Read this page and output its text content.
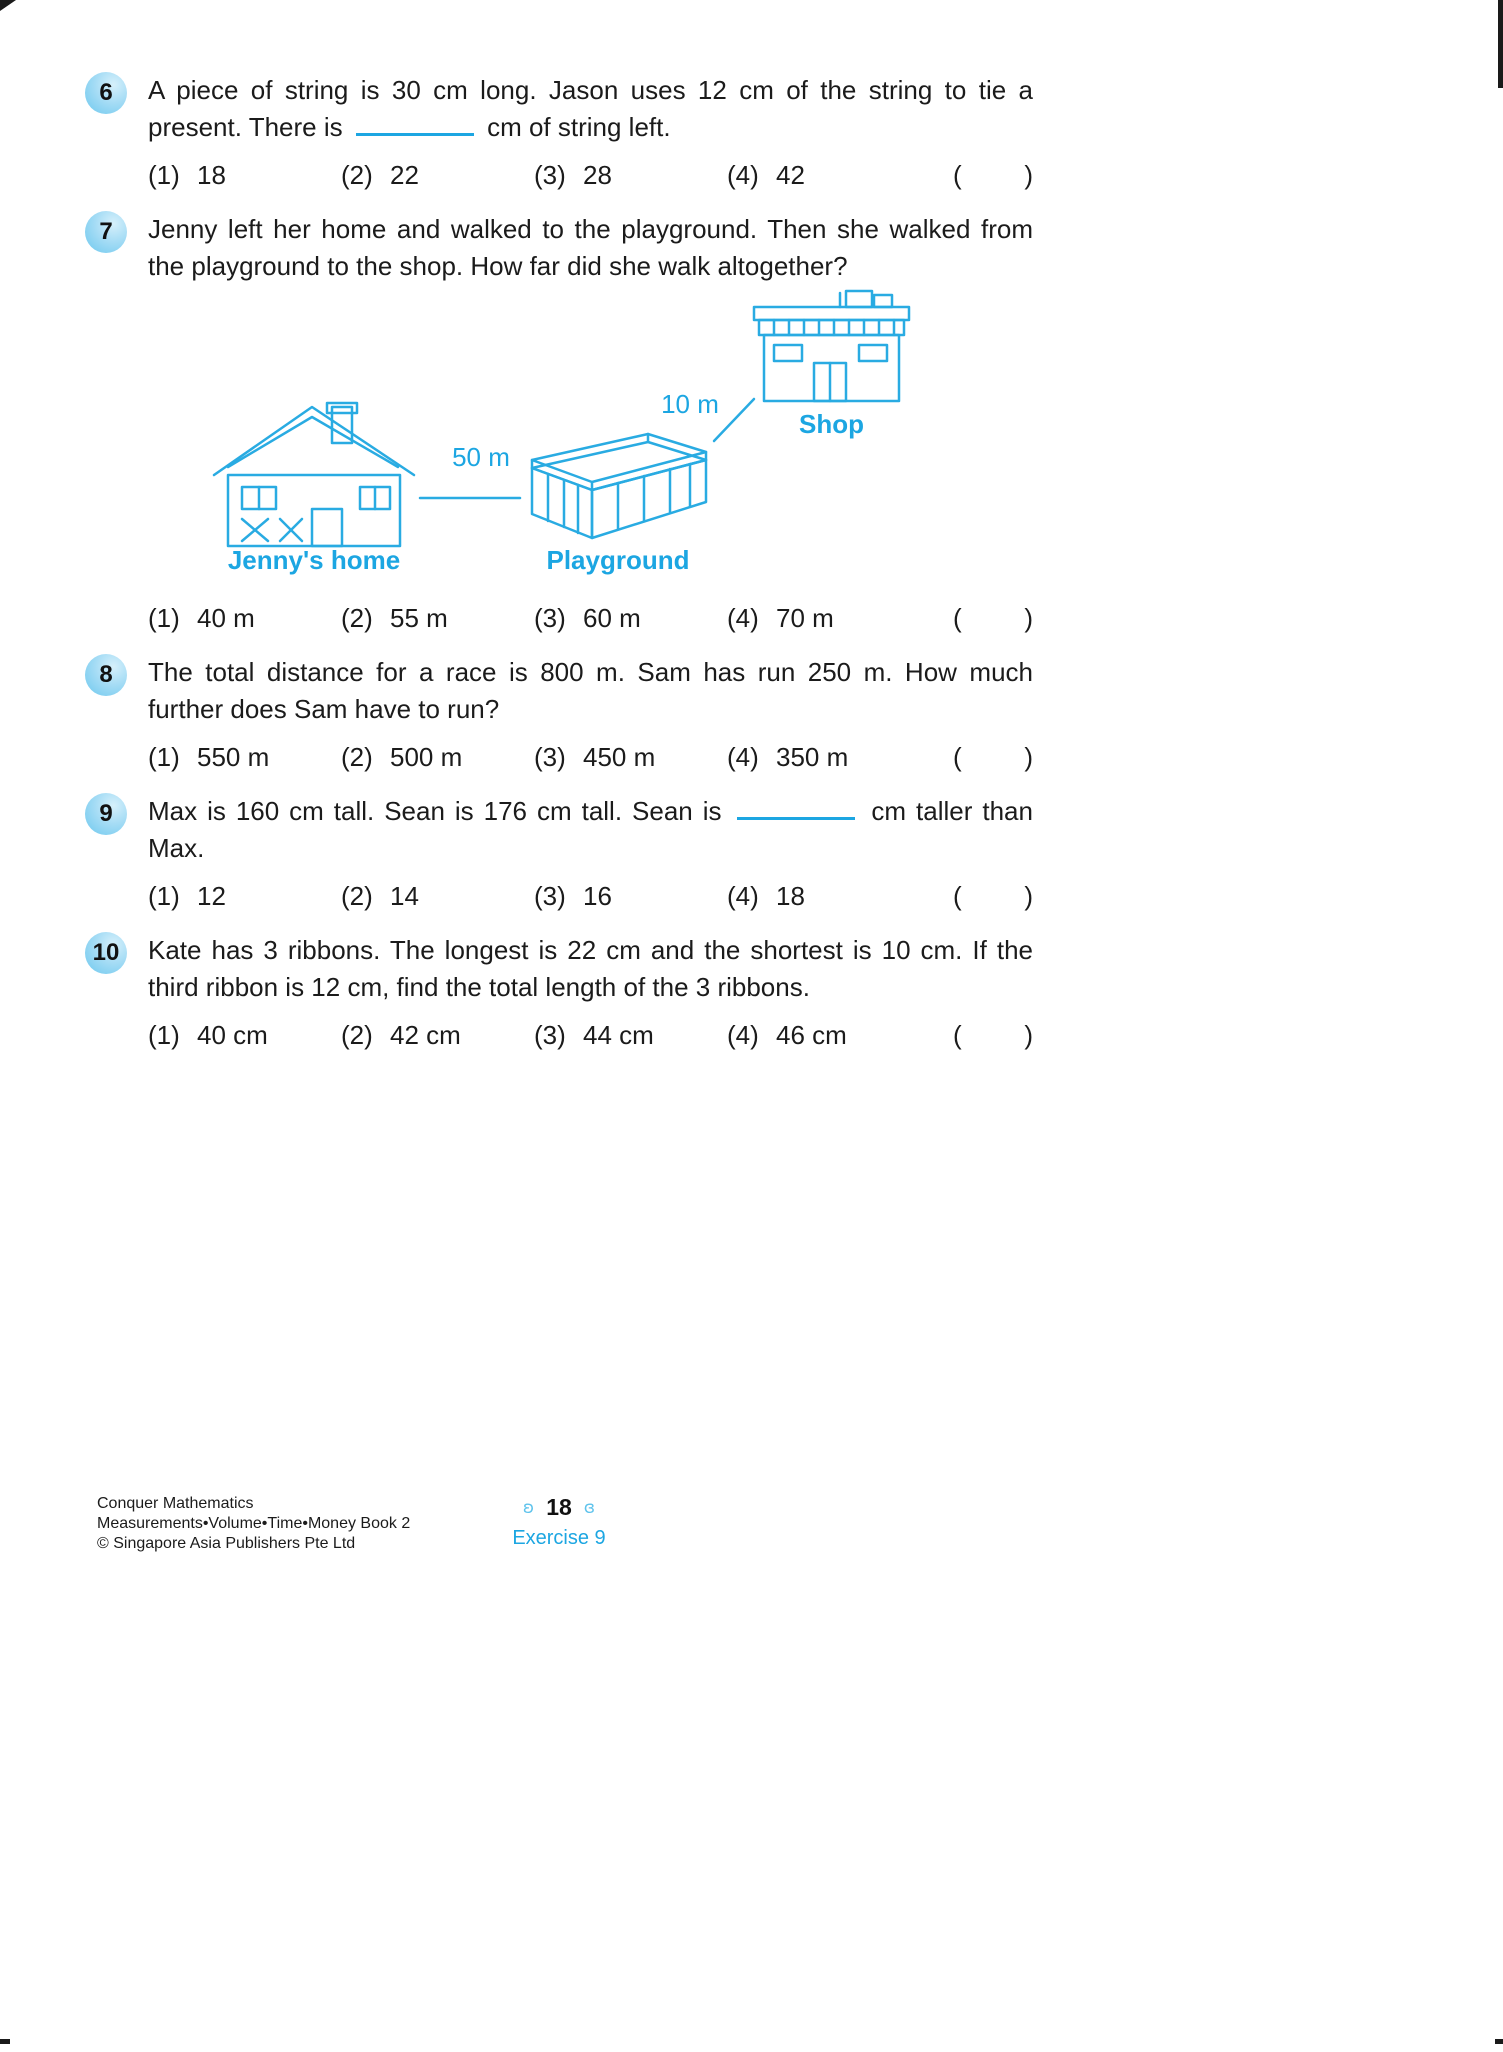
6 A piece of string is 30 cm long. Jason uses 12 cm of the string to tie a present. There is	cm of string left.

(1) 18	(2) 22	(3) 28	(4) 42	( )
7 Jenny left her home and walked to the playground. Then she walked from the playground to the shop. How far did she walk altogether?

50 m
10 m
Jenny's home	Playground
Shop
(1) 40 m	(2) 55 m	(3) 60 m	(4) 70 m	( )
8 The total distance for a race is 800 m. Sam has run 250 m. How much further does Sam have to run?

(1) 550 m	(2) 500 m	(3) 450 m	(4) 350 m	( )
9 Max is 160 cm tall. Sean is 176 cm tall. Sean is	cm taller than Max.

(1) 12	(2) 14	(3) 16	(4) 18	( )
10 Kate has 3 ribbons. The longest is 22 cm and the shortest is 10 cm. If the third ribbon is 12 cm, find the total length of the 3 ribbons.

(1) 40 cm	(2) 42 cm	(3) 44 cm	(4) 46 cm	( )
Conquer Mathematics
Measurements•Volume•Time•Money Book 2
© Singapore Asia Publishers Pte Ltd
ʚ 18 ɞ
Exercise 9
